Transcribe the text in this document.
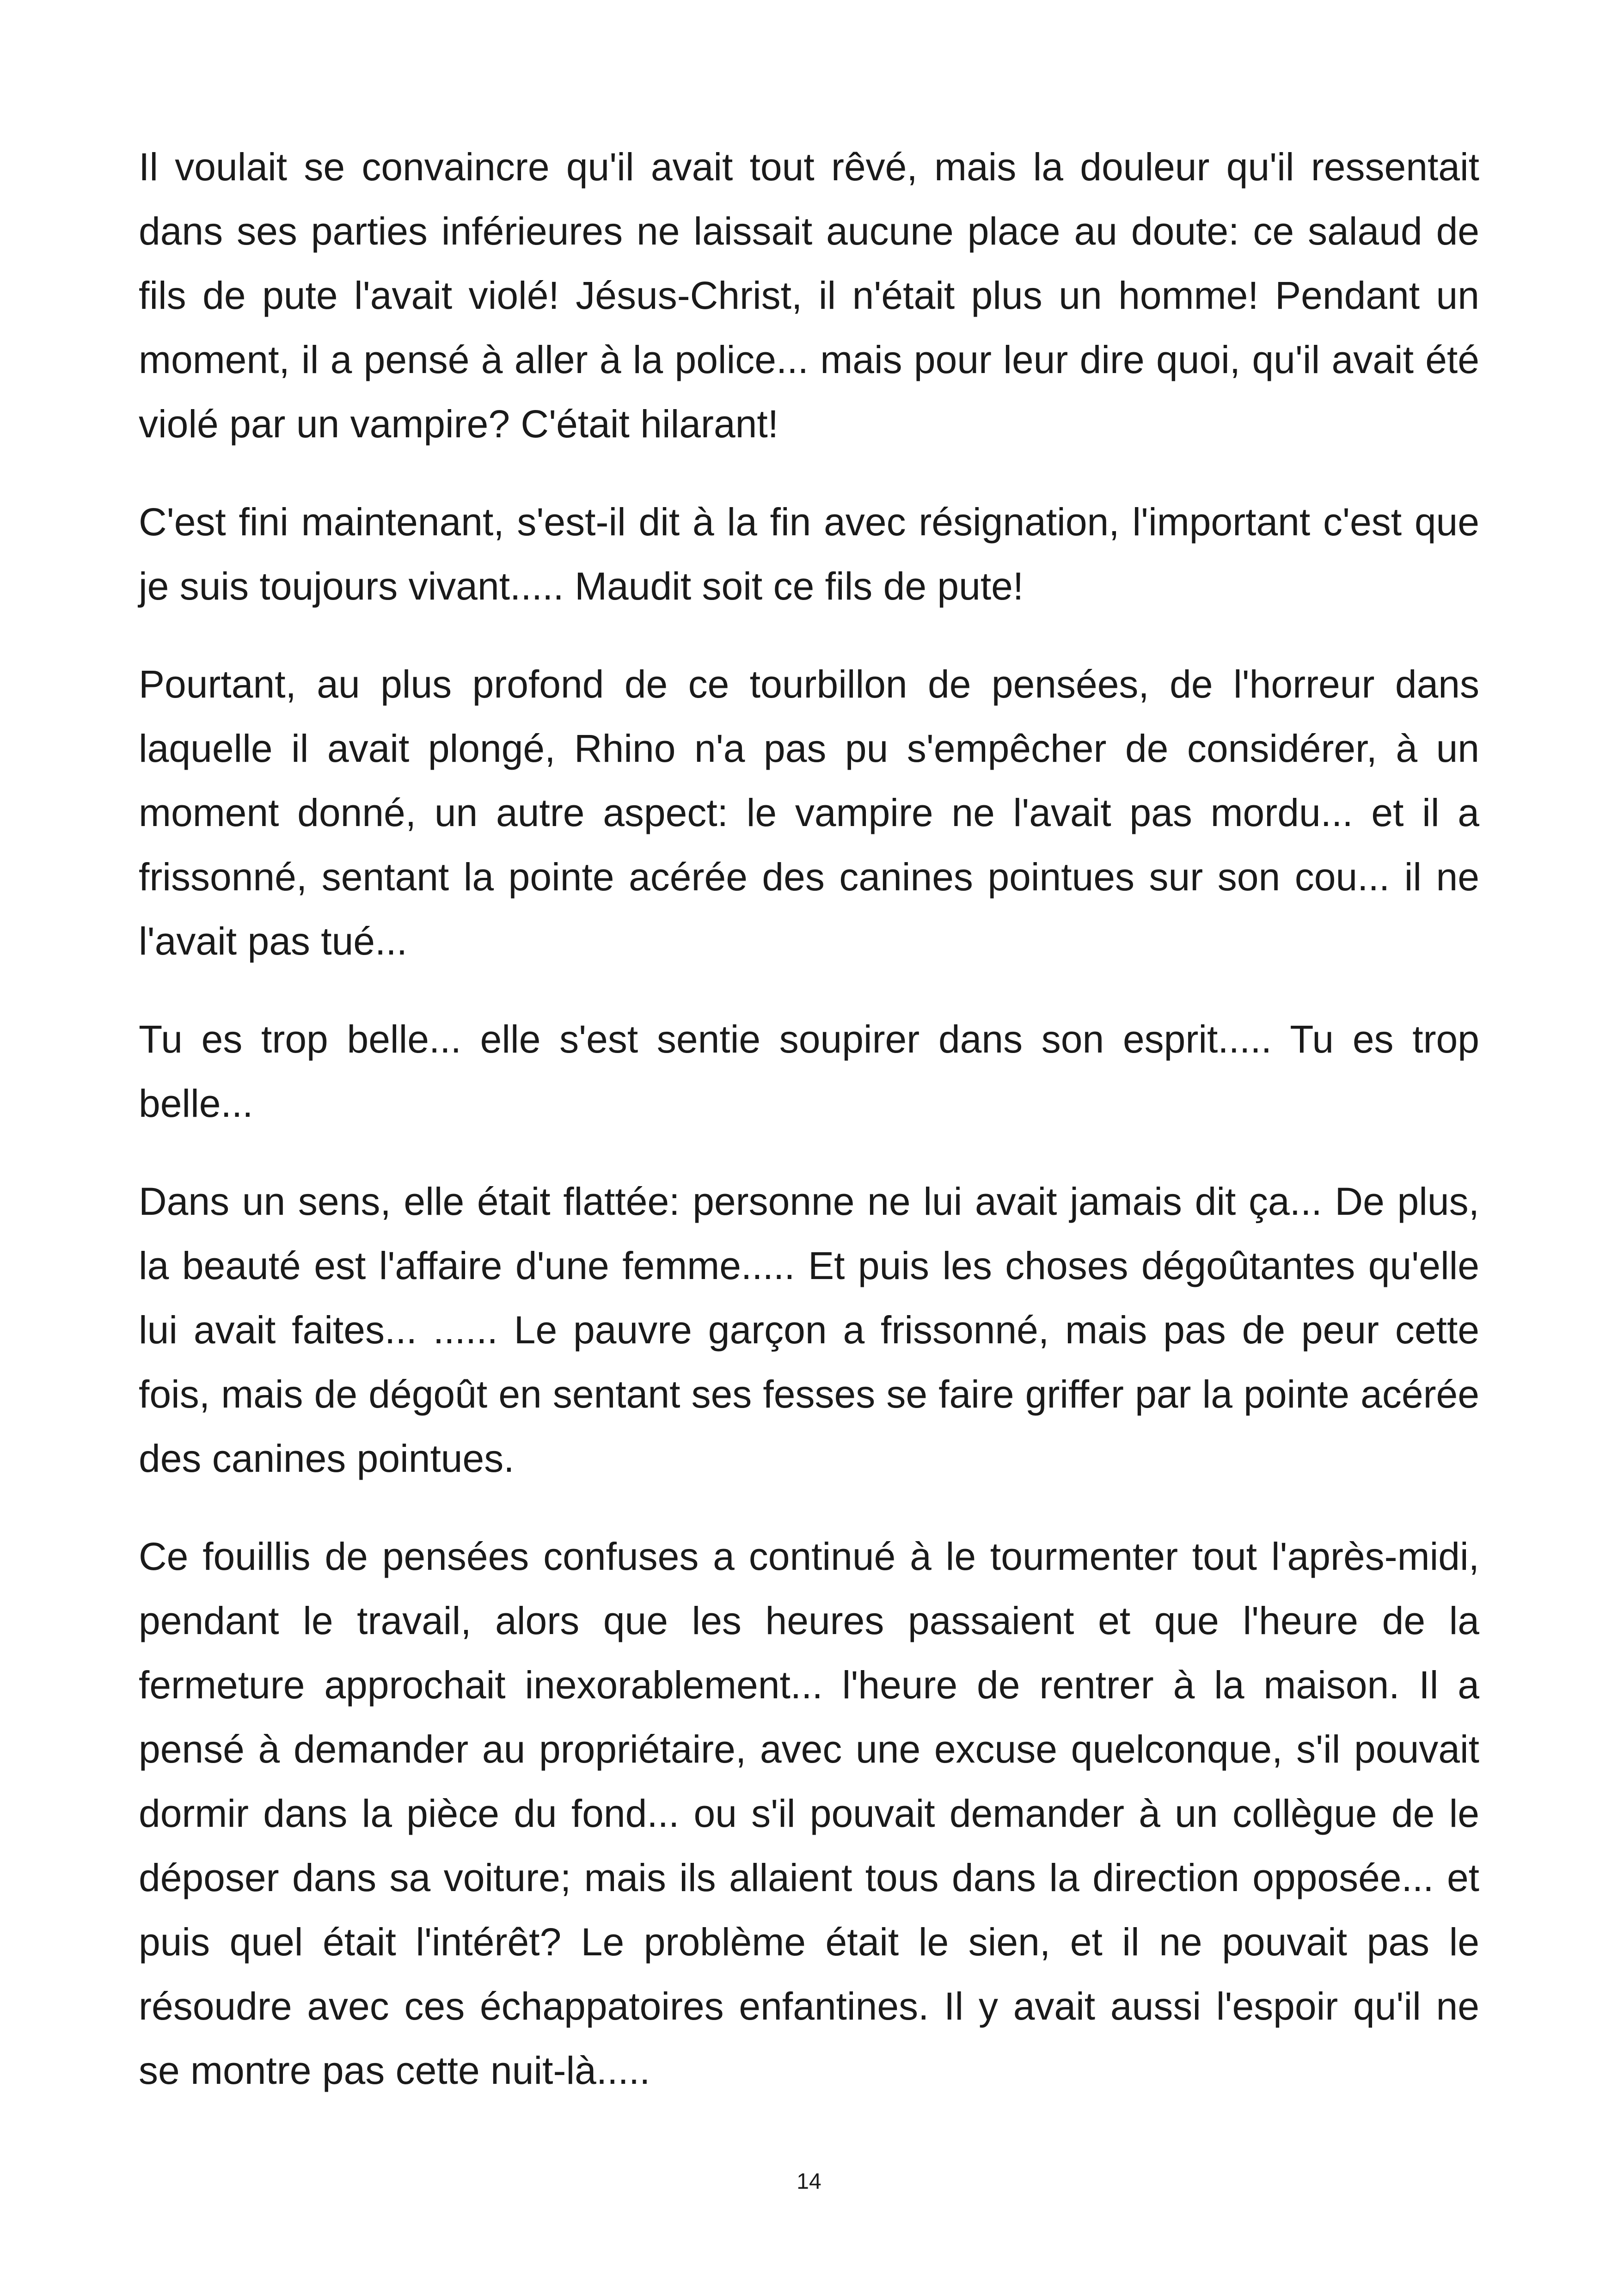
Il voulait se convaincre qu'il avait tout rêvé, mais la douleur qu'il ressentait dans ses parties inférieures ne laissait aucune place au doute: ce salaud de fils de pute l'avait violé! Jésus-Christ, il n'était plus un homme! Pendant un moment, il a pensé à aller à la police... mais pour leur dire quoi, qu'il avait été violé par un vampire? C'était hilarant!

C'est fini maintenant, s'est-il dit à la fin avec résignation, l'important c'est que je suis toujours vivant..... Maudit soit ce fils de pute!

Pourtant, au plus profond de ce tourbillon de pensées, de l'horreur dans laquelle il avait plongé, Rhino n'a pas pu s'empêcher de considérer, à un moment donné, un autre aspect: le vampire ne l'avait pas mordu... et il a frissonné, sentant la pointe acérée des canines pointues sur son cou... il ne l'avait pas tué...

Tu es trop belle... elle s'est sentie soupirer dans son esprit..... Tu es trop belle...

Dans un sens, elle était flattée: personne ne lui avait jamais dit ça... De plus, la beauté est l'affaire d'une femme..... Et puis les choses dégoûtantes qu'elle lui avait faites... ...... Le pauvre garçon a frissonné, mais pas de peur cette fois, mais de dégoût en sentant ses fesses se faire griffer par la pointe acérée des canines pointues.

Ce fouillis de pensées confuses a continué à le tourmenter tout l'après-midi, pendant le travail, alors que les heures passaient et que l'heure de la fermeture approchait inexorablement... l'heure de rentrer à la maison. Il a pensé à demander au propriétaire, avec une excuse quelconque, s'il pouvait dormir dans la pièce du fond... ou s'il pouvait demander à un collègue de le déposer dans sa voiture; mais ils allaient tous dans la direction opposée... et puis quel était l'intérêt? Le problème était le sien, et il ne pouvait pas le résoudre avec ces échappatoires enfantines. Il y avait aussi l'espoir qu'il ne se montre pas cette nuit-là.....

14
